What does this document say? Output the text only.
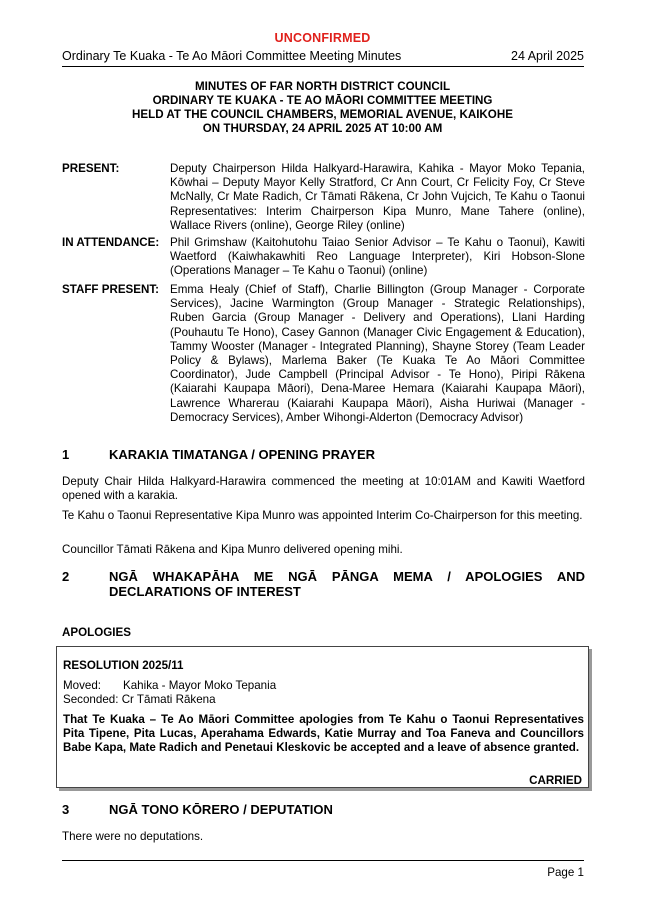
UNCONFIRMED
Ordinary Te Kuaka - Te Ao Māori Committee Meeting Minutes	24 April 2025
MINUTES OF FAR NORTH DISTRICT COUNCIL
ORDINARY TE KUAKA - TE AO MĀORI COMMITTEE MEETING
HELD AT THE COUNCIL CHAMBERS, MEMORIAL AVENUE, KAIKOHE
ON THURSDAY, 24 APRIL 2025 AT 10:00 AM
PRESENT:	Deputy Chairperson Hilda Halkyard-Harawira, Kahika - Mayor Moko Tepania, Kōwhai – Deputy Mayor Kelly Stratford, Cr Ann Court, Cr Felicity Foy, Cr Steve McNally, Cr Mate Radich, Cr Tāmati Rākena, Cr John Vujcich, Te Kahu o Taonui Representatives: Interim Chairperson Kipa Munro, Mane Tahere (online), Wallace Rivers (online), George Riley (online)
IN ATTENDANCE: Phil Grimshaw (Kaitohutohu Taiao Senior Advisor – Te Kahu o Taonui), Kawiti Waetford (Kaiwhakawhiti Reo Language Interpreter), Kiri Hobson-Slone (Operations Manager – Te Kahu o Taonui) (online)
STAFF PRESENT: Emma Healy (Chief of Staff), Charlie Billington (Group Manager - Corporate Services), Jacine Warmington (Group Manager - Strategic Relationships), Ruben Garcia (Group Manager - Delivery and Operations), Llani Harding (Pouhautu Te Hono), Casey Gannon (Manager Civic Engagement & Education), Tammy Wooster (Manager - Integrated Planning), Shayne Storey (Team Leader Policy & Bylaws), Marlema Baker (Te Kuaka Te Ao Māori Committee Coordinator), Jude Campbell (Principal Advisor - Te Hono), Piripi Rākena (Kaiarahi Kaupapa Māori), Dena-Maree Hemara (Kaiarahi Kaupapa Māori), Lawrence Wharerau (Kaiarahi Kaupapa Māori), Aisha Huriwai (Manager - Democracy Services), Amber Wihongi-Alderton (Democracy Advisor)
1	KARAKIA TIMATANGA / OPENING PRAYER
Deputy Chair Hilda Halkyard-Harawira commenced the meeting at 10:01AM and Kawiti Waetford opened with a karakia.
Te Kahu o Taonui Representative Kipa Munro was appointed Interim Co-Chairperson for this meeting.
Councillor Tāmati Rākena and Kipa Munro delivered opening mihi.
2	NGĀ WHAKAPĀHA ME NGĀ PĀNGA MEMA / APOLOGIES AND DECLARATIONS OF INTEREST
APOLOGIES
RESOLUTION 2025/11
Moved: Kahika - Mayor Moko Tepania
Seconded: Cr Tāmati Rākena
That Te Kuaka – Te Ao Māori Committee apologies from Te Kahu o Taonui Representatives Pita Tipene, Pita Lucas, Aperahama Edwards, Katie Murray and Toa Faneva and Councillors Babe Kapa, Mate Radich and Penetaui Kleskovic be accepted and a leave of absence granted.
CARRIED
3	NGĀ TONO KŌRERO / DEPUTATION
There were no deputations.
Page 1
